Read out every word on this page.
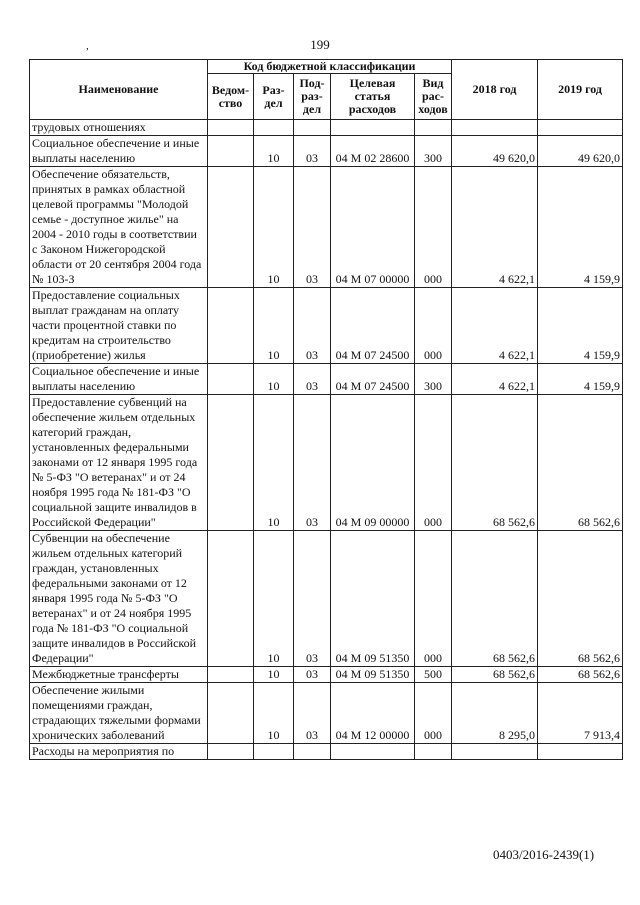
199
,
Наименование	Код бюджетной классификации					2018 год	2019 год
	Ведом-ство	Раз-дел	Под-раз-дел	Целевая статья расходов	Вид рас-ходов		
трудовых отношениях							
Социальное обеспечение и иные выплаты населению		10	03	04 М 02 28600	300	49 620,0	49 620,0
Обеспечение обязательств, принятых в рамках областной целевой программы "Молодой семье - доступное жилье" на 2004 - 2010 годы в соответствии с Законом Нижегородской области от 20 сентября 2004 года № 103-З		10	03	04 М 07 00000	000	4 622,1	4 159,9
Предоставление социальных выплат гражданам на оплату части процентной ставки по кредитам на строительство (приобретение) жилья		10	03	04 М 07 24500	000	4 622,1	4 159,9
Социальное обеспечение и иные выплаты населению		10	03	04 М 07 24500	300	4 622,1	4 159,9
Предоставление субвенций на обеспечение жильем отдельных категорий граждан, установленных федеральными законами от 12 января 1995 года № 5-ФЗ "О ветеранах" и от 24 ноября 1995 года № 181-ФЗ "О социальной защите инвалидов в Российской Федерации"		10	03	04 М 09 00000	000	68 562,6	68 562,6
Субвенции на обеспечение жильем отдельных категорий граждан, установленных федеральными законами от 12 января 1995 года № 5-ФЗ "О ветеранах" и от 24 ноября 1995 года № 181-ФЗ "О социальной защите инвалидов в Российской Федерации"		10	03	04 М 09 51350	000	68 562,6	68 562,6
Межбюджетные трансферты		10	03	04 М 09 51350	500	68 562,6	68 562,6
Обеспечение жилыми помещениями граждан, страдающих тяжелыми формами хронических заболеваний		10	03	04 М 12 00000	000	8 295,0	7 913,4
Расходы на мероприятия по							
0403/2016-2439(1)
